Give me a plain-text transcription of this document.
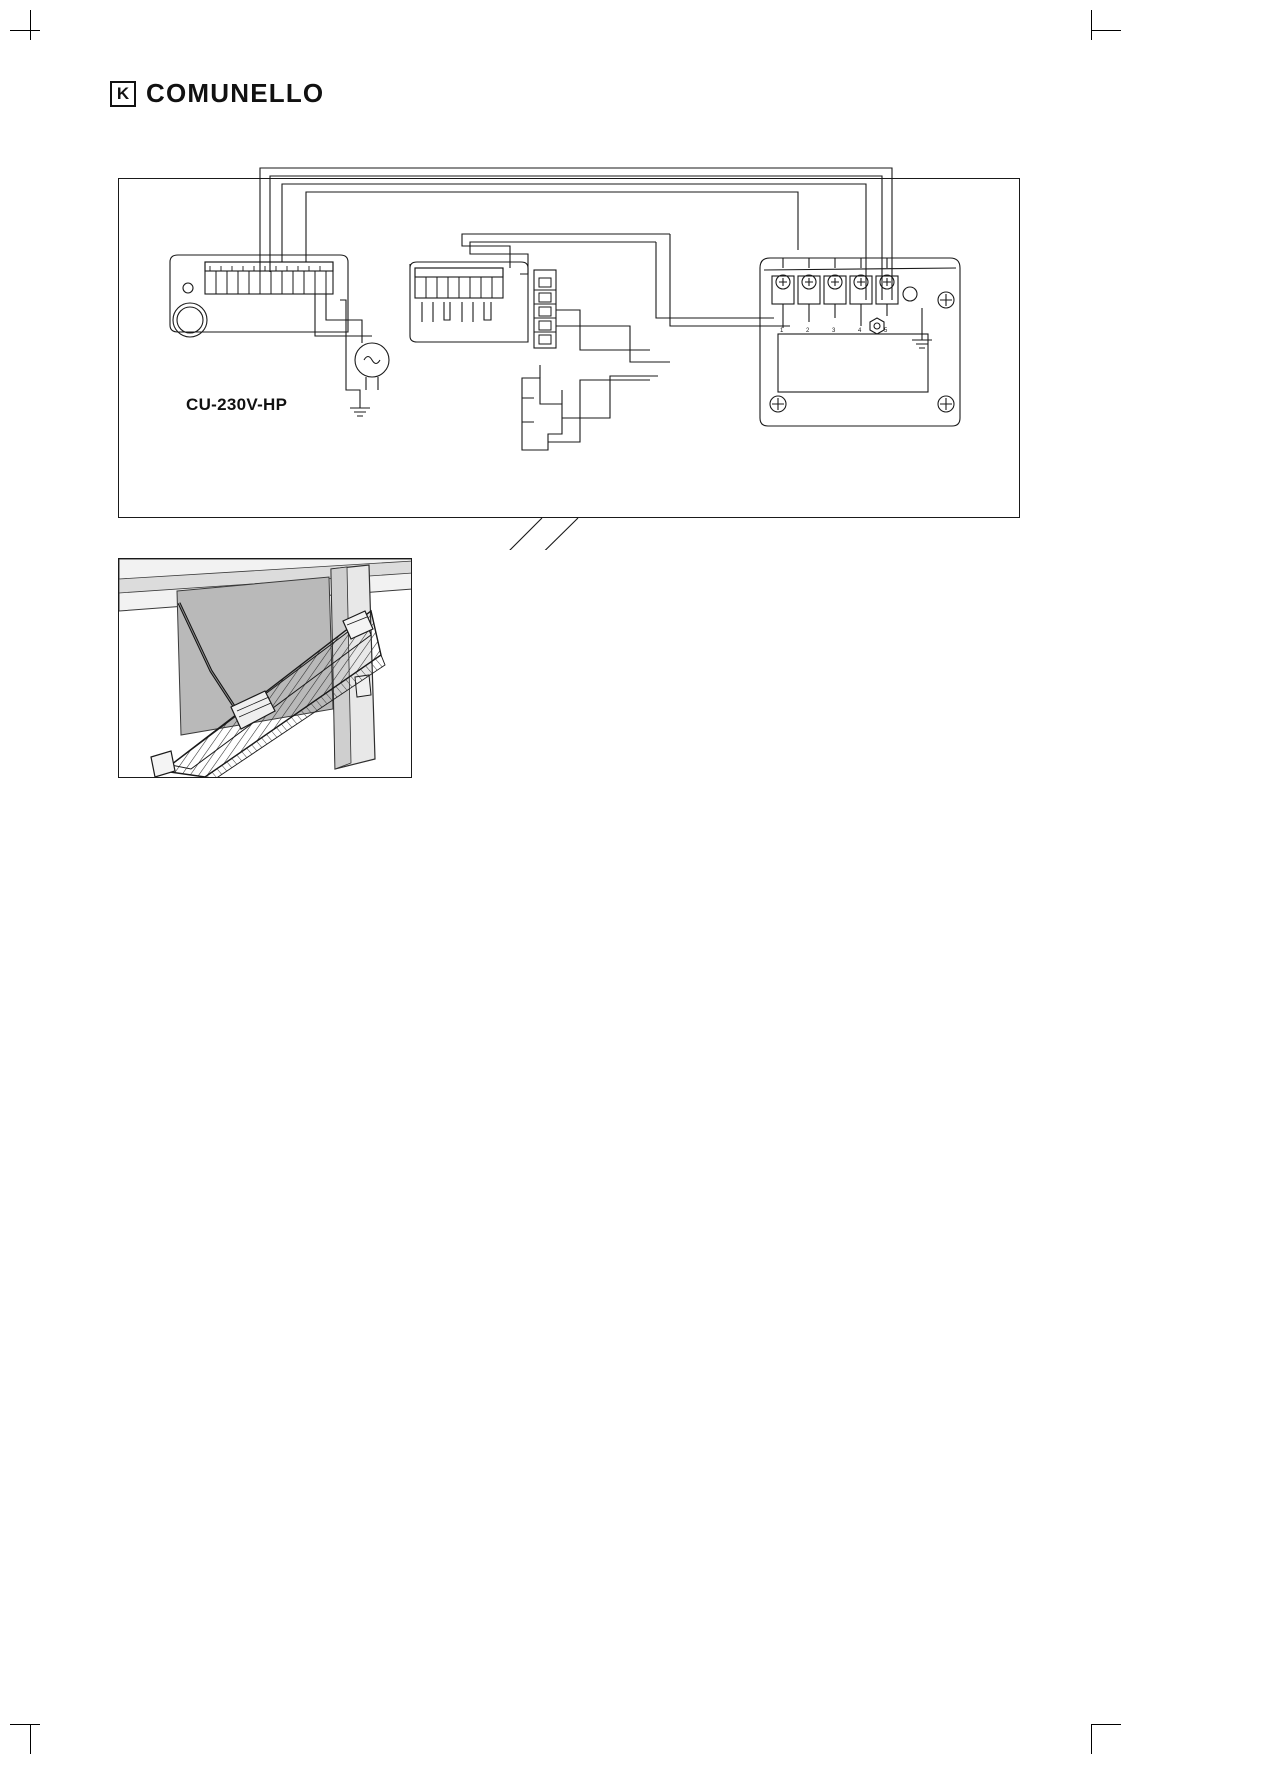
K COMUNELLO
1	2	3	4	5
CU-230V-HP
